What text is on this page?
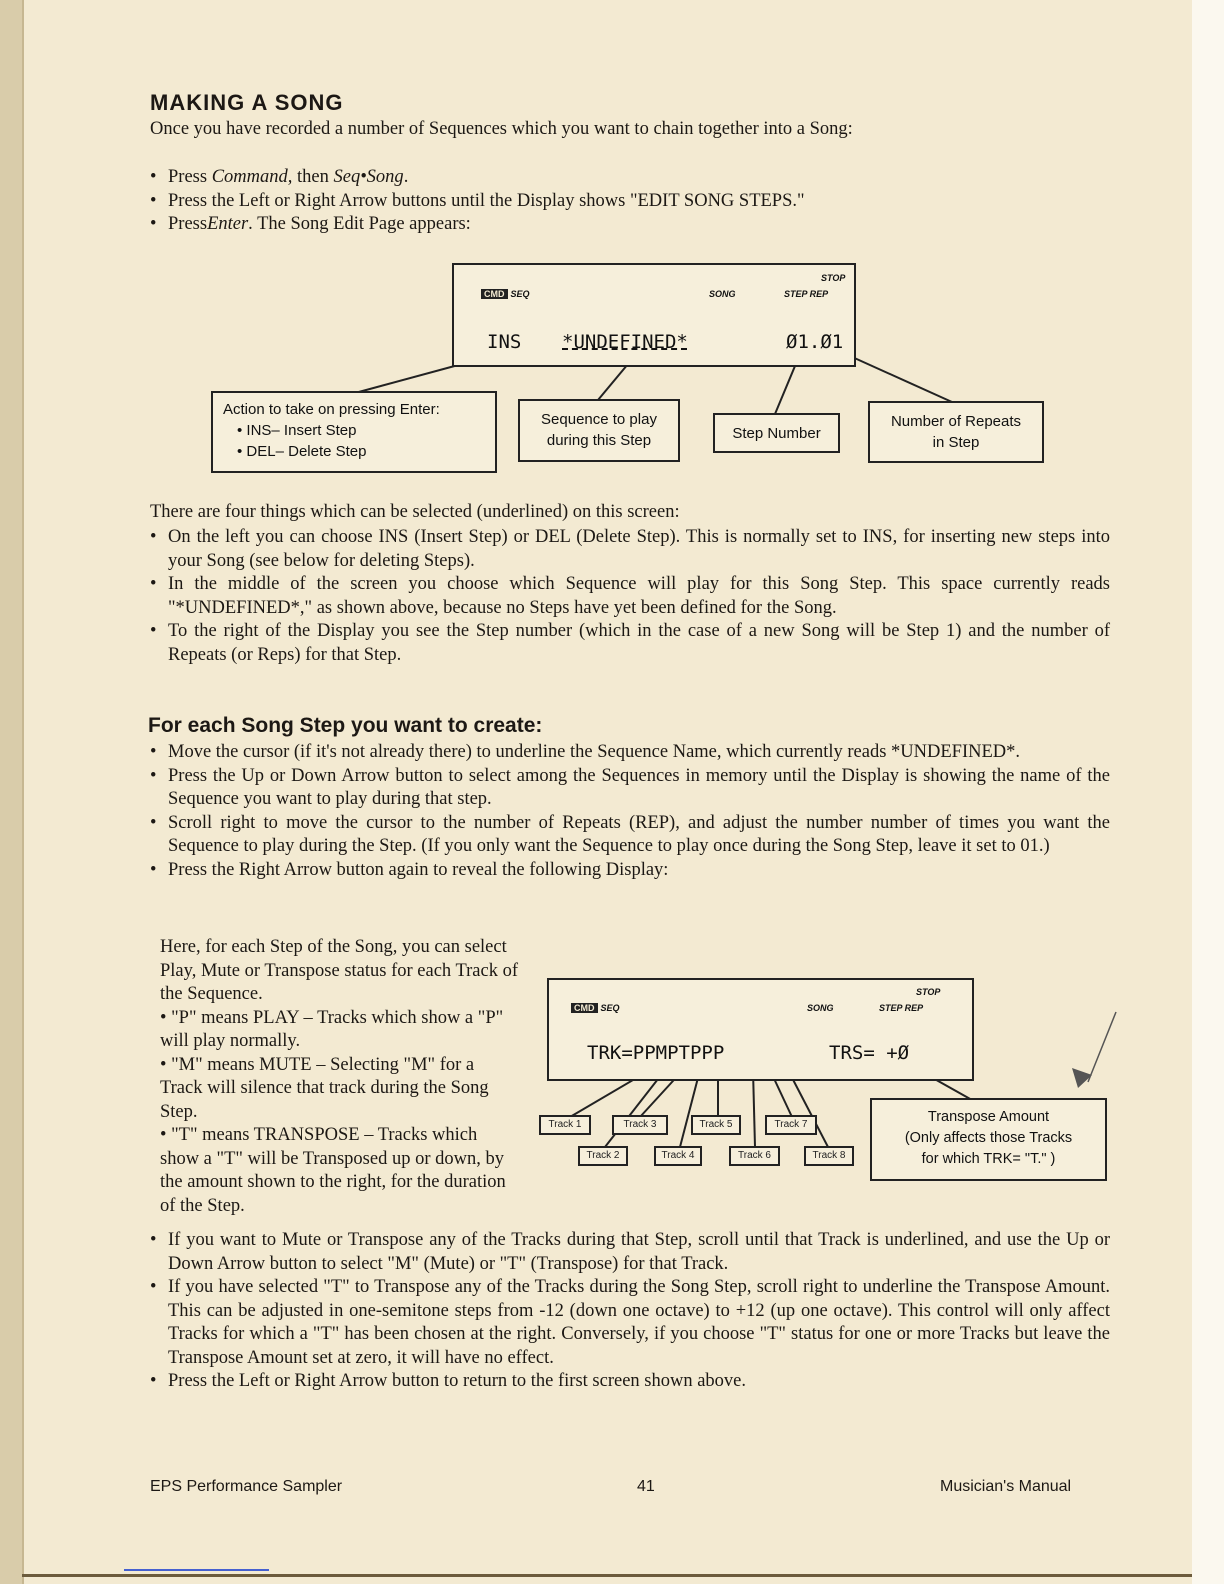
MAKING A SONG

Once you have recorded a number of Sequences which you want to chain together into a Song:

• Press Command, then Seq•Song.
• Press the Left or Right Arrow buttons until the Display shows "EDIT SONG STEPS."
• PressEnter. The Song Edit Page appears:
CMD SEQ	SONG
STOP
STEP REP
INS *UNDEFINED*	Ø1.Ø1
Action to take on pressing Enter:
• INS– Insert Step
• DEL– Delete Step
Sequence to play
during this Step	Step Number
Number of Repeats
in Step

There are four things which can be selected (underlined) on this screen:

• On the left you can choose INS (Insert Step) or DEL (Delete Step). This is normally set to INS, for inserting new steps into your Song (see below for deleting Steps).
• In the middle of the screen you choose which Sequence will play for this Song Step. This space currently reads "*UNDEFINED*," as shown above, because no Steps have yet been defined for the Song.
• To the right of the Display you see the Step number (which in the case of a new Song will be Step 1) and the number of Repeats (or Reps) for that Step.
For each Song Step you want to create:
• Move the cursor (if it's not already there) to underline the Sequence Name, which currently reads *UNDEFINED*.
• Press the Up or Down Arrow button to select among the Sequences in memory until the Display is showing the name of the Sequence you want to play during that step.
• Scroll right to move the cursor to the number of Repeats (REP), and adjust the number number of times you want the Sequence to play during the Step. (If you only want the Sequence to play once during the Song Step, leave it set to 01.)
• Press the Right Arrow button again to reveal the following Display:
Here, for each Step of the Song, you can select Play, Mute or Transpose status for each Track of the Sequence.
• "P" means PLAY – Tracks which show a "P" will play normally.
• "M" means MUTE – Selecting "M" for a Track will silence that track during the Song Step.
• "T" means TRANSPOSE – Tracks which show a "T" will be Transposed up or down, by the amount shown to the right, for the duration of the Step.
CMD SEQ	SONG
STOP
STEP REP
TRK=PPMPTPPP	TRS= +Ø
Track 1	Track 3	Track 5	Track 7
Track 2	Track 4	Track 6	Track 8
Transpose Amount
(Only affects those Tracks
for which TRK= "T." )
• If you want to Mute or Transpose any of the Tracks during that Step, scroll until that Track is underlined, and use the Up or Down Arrow button to select "M" (Mute) or "T" (Transpose) for that Track.
• If you have selected "T" to Transpose any of the Tracks during the Song Step, scroll right to underline the Transpose Amount. This can be adjusted in one-semitone steps from -12 (down one octave) to +12 (up one octave). This control will only affect Tracks for which a "T" has been chosen at the right. Conversely, if you choose "T" status for one or more Tracks but leave the Transpose Amount set at zero, it will have no effect.
• Press the Left or Right Arrow button to return to the first screen shown above.
EPS Performance Sampler	41	Musician's Manual
